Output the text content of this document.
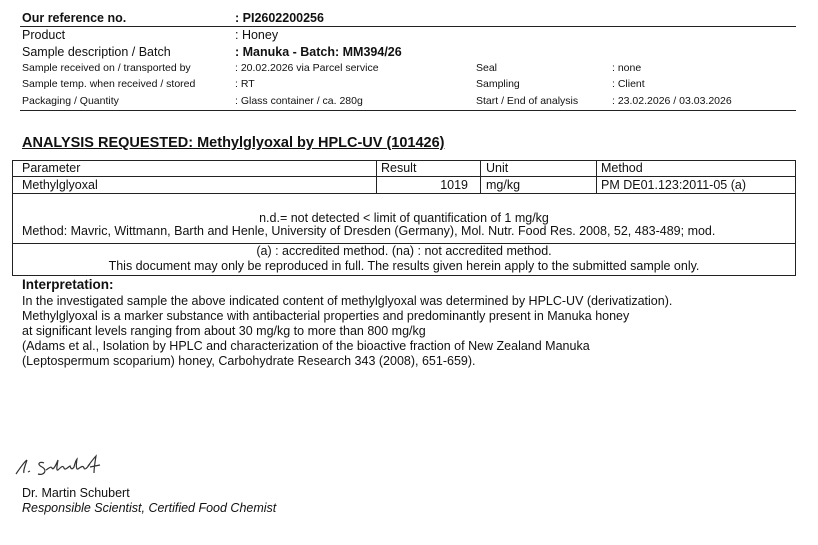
Our reference no.	: PI2602200256
Product	: Honey
Sample description / Batch	: Manuka - Batch: MM394/26
Sample received on / transported by	: 20.02.2026 via Parcel service	Seal	: none
Sample temp. when received / stored	: RT	Sampling	: Client
Packaging / Quantity	: Glass container / ca. 280g	Start / End of analysis	: 23.02.2026 / 03.03.2026
ANALYSIS REQUESTED: Methylglyoxal by HPLC-UV (101426)
Parameter	Result	Unit	Method
Methylglyoxal	1019 mg/kg	PM DE01.123:2011-05 (a)
n.d.= not detected < limit of quantification of 1 mg/kg
Method: Mavric, Wittmann, Barth and Henle, University of Dresden (Germany), Mol. Nutr. Food Res. 2008, 52, 483-489; mod.
(a) : accredited method. (na) : not accredited method.
This document may only be reproduced in full. The results given herein apply to the submitted sample only.
Interpretation:
In the investigated sample the above indicated content of methylglyoxal was determined by HPLC-UV (derivatization).
Methylglyoxal is a marker substance with antibacterial properties and predominantly present in Manuka honey
at significant levels ranging from about 30 mg/kg to more than 800 mg/kg
(Adams et al., Isolation by HPLC and characterization of the bioactive fraction of New Zealand Manuka
(Leptospermum scoparium) honey, Carbohydrate Research 343 (2008), 651-659).
Dr. Martin Schubert
Responsible Scientist, Certified Food Chemist
